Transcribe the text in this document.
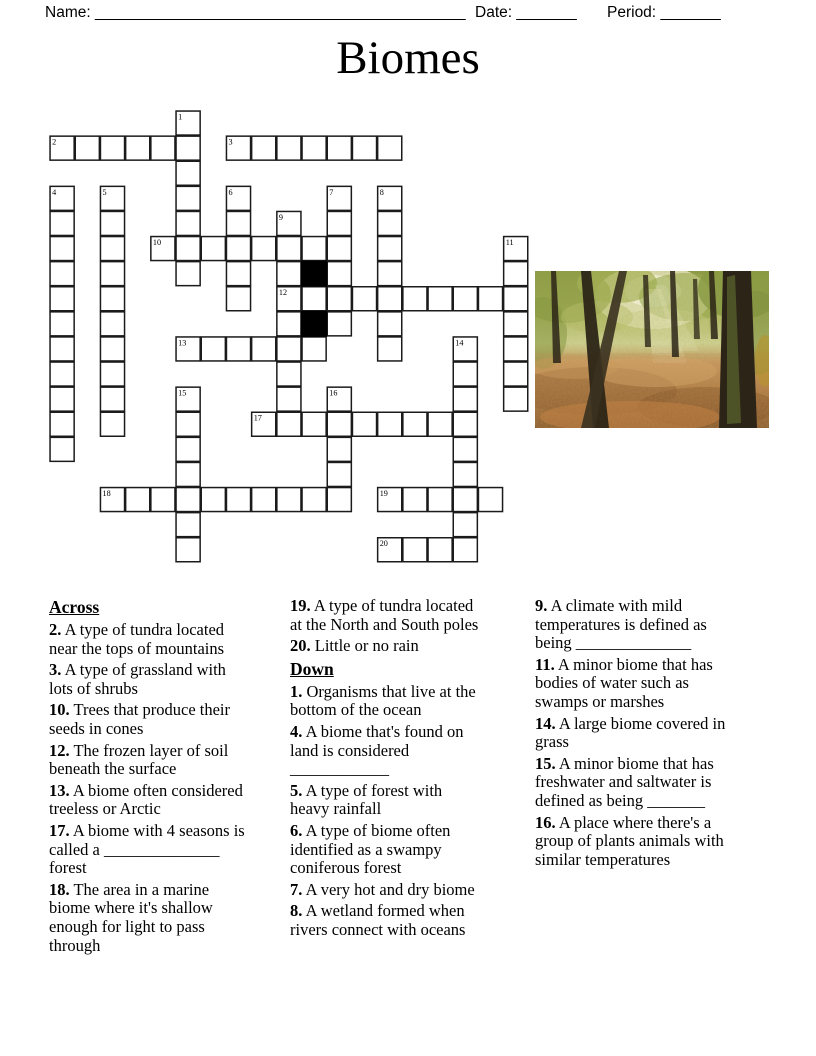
Name: ___________________________________________ Date: _______ Period: _______
Biomes
2	3
10
12
13
17
18	19
20
1
4	5	6	7	8
9
11
14
15	16
Across

2. A type of tundra located
near the tops of mountains

3. A type of grassland with
lots of shrubs

10. Trees that produce their
seeds in cones

12. The frozen layer of soil
beneath the surface

13. A biome often considered
treeless or Arctic

17. A biome with 4 seasons is
called a ______________
forest

18. The area in a marine
biome where it's shallow
enough for light to pass
through

19. A type of tundra located
at the North and South poles

20. Little or no rain

Down

1. Organisms that live at the
bottom of the ocean

4. A biome that's found on
land is considered
____________

5. A type of forest with
heavy rainfall

6. A type of biome often
identified as a swampy
coniferous forest

7. A very hot and dry biome

8. A wetland formed when
rivers connect with oceans

9. A climate with mild
temperatures is defined as
being ______________

11. A minor biome that has
bodies of water such as
swamps or marshes

14. A large biome covered in
grass

15. A minor biome that has
freshwater and saltwater is
defined as being _______

16. A place where there's a
group of plants animals with
similar temperatures
